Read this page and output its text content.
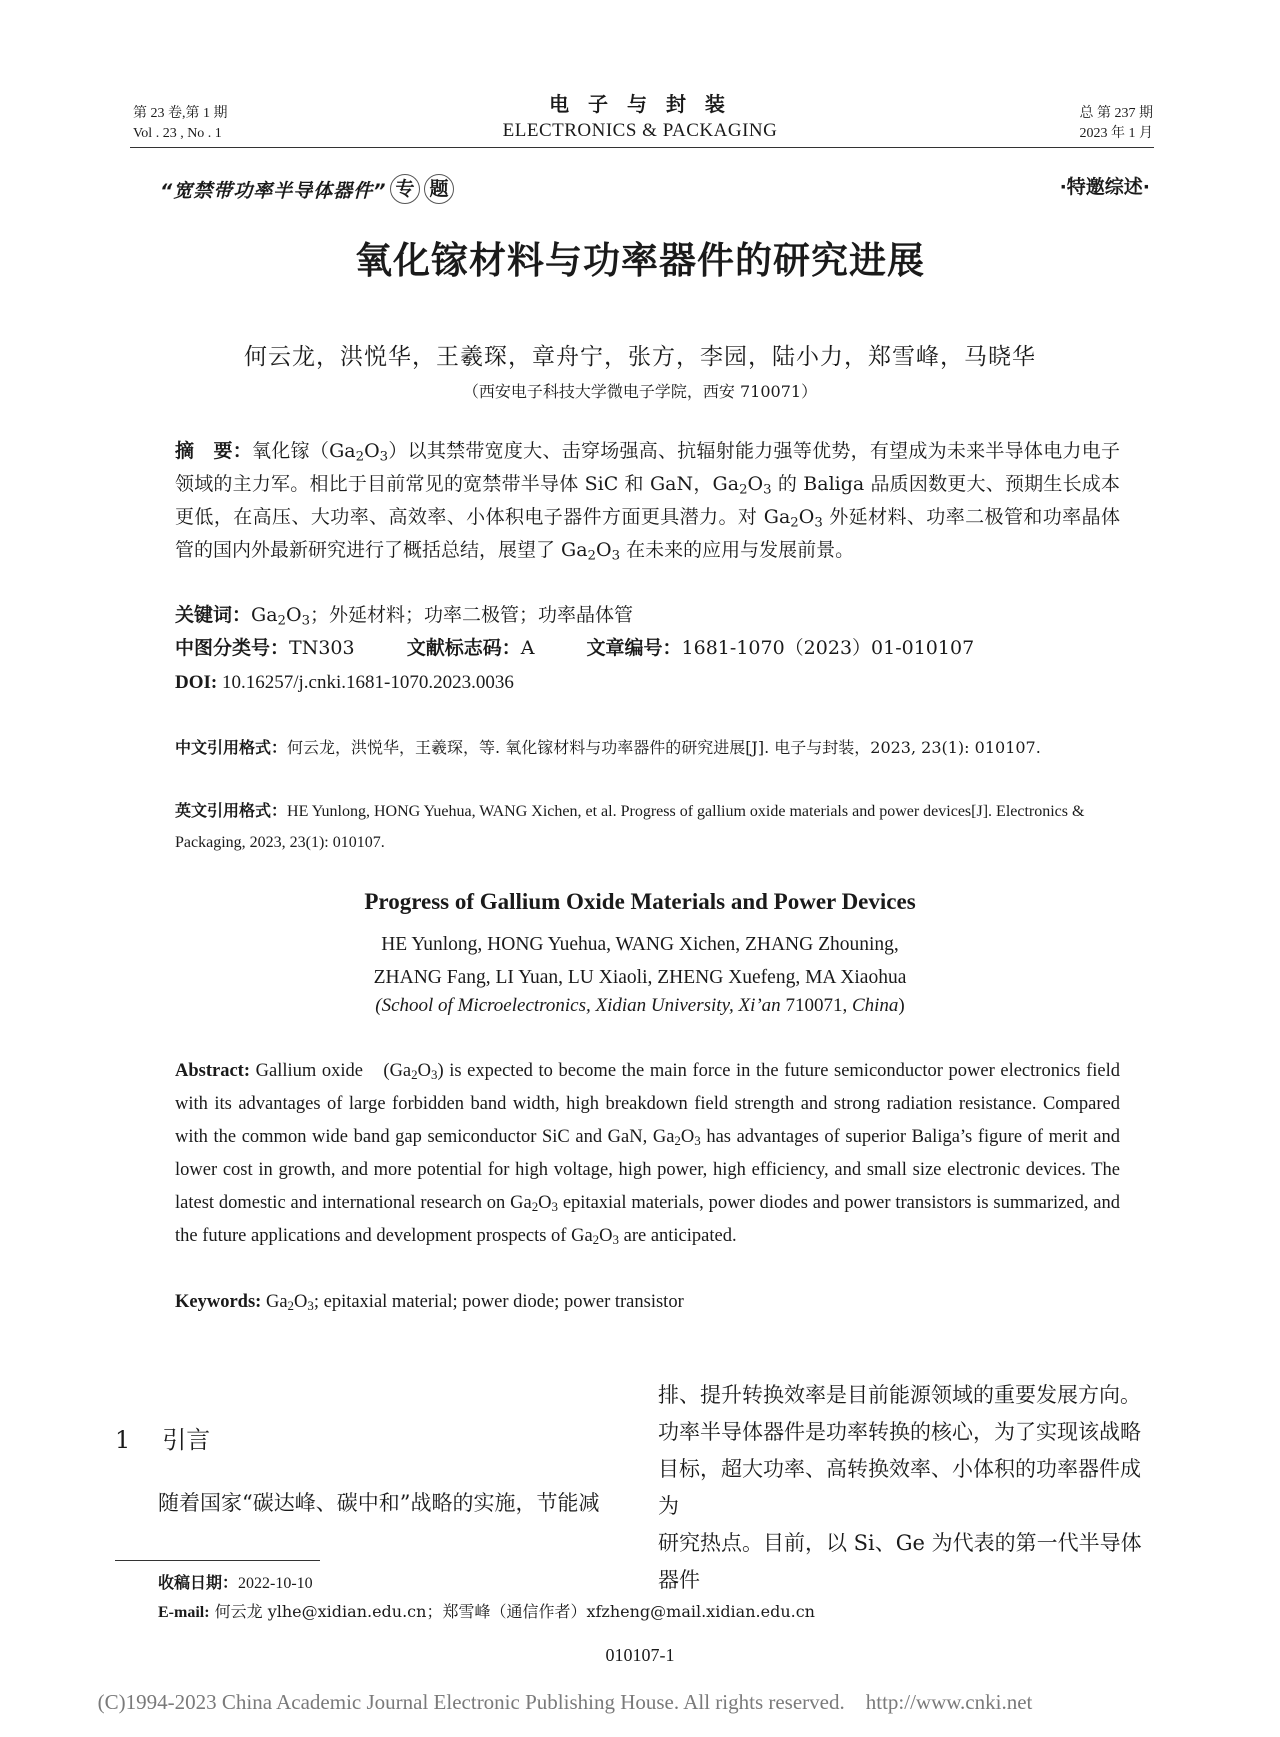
第 23 卷,第 1 期
Vol . 23 , No . 1
电 子 与 封 装
ELECTRONICS & PACKAGING
总 第 237 期
2023 年 1 月
“宽禁带功率半导体器件” 专 题	·特邀综述·
氧化镓材料与功率器件的研究进展
何云龙，洪悦华，王羲琛，章舟宁，张方，李园，陆小力，郑雪峰，马晓华
（西安电子科技大学微电子学院，西安 710071）
摘　要：氧化镓$(Ga_2O_3)$以其禁带宽度大、击穿场强高、抗辐射能力强等优势，有望成为未来半导体电力电子领域的主力军。相比于目前常见的宽禁带半导体 SiC 和 GaN，$Ga_2O_3$ 的 Baliga 品质因数更大、预期生长成本更低，在高压、大功率、高效率、小体积电子器件方面更具潜力。对 $Ga_2O_3$ 外延材料、功率二极管和功率晶体管的国内外最新研究进行了概括总结，展望了 $Ga_2O_3$ 在未来的应用与发展前景。
关键词：$Ga_2O_3$；外延材料；功率二极管；功率晶体管
中图分类号：TN303	文献标志码：A	文章编号：1681-1070（2023）01-010107
DOI: 10.16257/j.cnki.1681-1070.2023.0036
中文引用格式：何云龙，洪悦华，王羲琛，等. 氧化镓材料与功率器件的研究进展[J]. 电子与封装，2023, 23(1): 010107.
英文引用格式：HE Yunlong, HONG Yuehua, WANG Xichen, et al. Progress of gallium oxide materials and power devices[J]. Electronics & Packaging, 2023, 23(1): 010107.
Progress of Gallium Oxide Materials and Power Devices
HE Yunlong, HONG Yuehua, WANG Xichen, ZHANG Zhouning,
ZHANG Fang, LI Yuan, LU Xiaoli, ZHENG Xuefeng, MA Xiaohua
(School of Microelectronics, Xidian University, Xi’an 710071, China)
Abstract: Gallium oxide　$(Ga_2O_3)$ is expected to become the main force in the future semiconductor power electronics field with its advantages of large forbidden band width, high breakdown field strength and strong radiation resistance. Compared with the common wide band gap semiconductor SiC and GaN, $Ga_2O_3$ has advantages of superior Baliga’s figure of merit and lower cost in growth, and more potential for high voltage, high power, high efficiency, and small size electronic devices. The latest domestic and international research on $Ga_2O_3$ epitaxial materials, power diodes and power transistors is summarized, and the future applications and development prospects of $Ga_2O_3$ are anticipated.
Keywords: $Ga_2O_3$; epitaxial material; power diode; power transistor
1 引言
随着国家“碳达峰、碳中和”战略的实施，节能减
排、提升转换效率是目前能源领域的重要发展方向。
功率半导体器件是功率转换的核心，为了实现该战略
目标，超大功率、高转换效率、小体积的功率器件成为
研究热点。目前，以 Si、Ge 为代表的第一代半导体器件
收稿日期：2022-10-10
E-mail: 何云龙 ylhe@xidian.edu.cn；郑雪峰（通信作者）xfzheng@mail.xidian.edu.cn
010107-1
(C)1994-2023 China Academic Journal Electronic Publishing House. All rights reserved.　http://www.cnki.net
